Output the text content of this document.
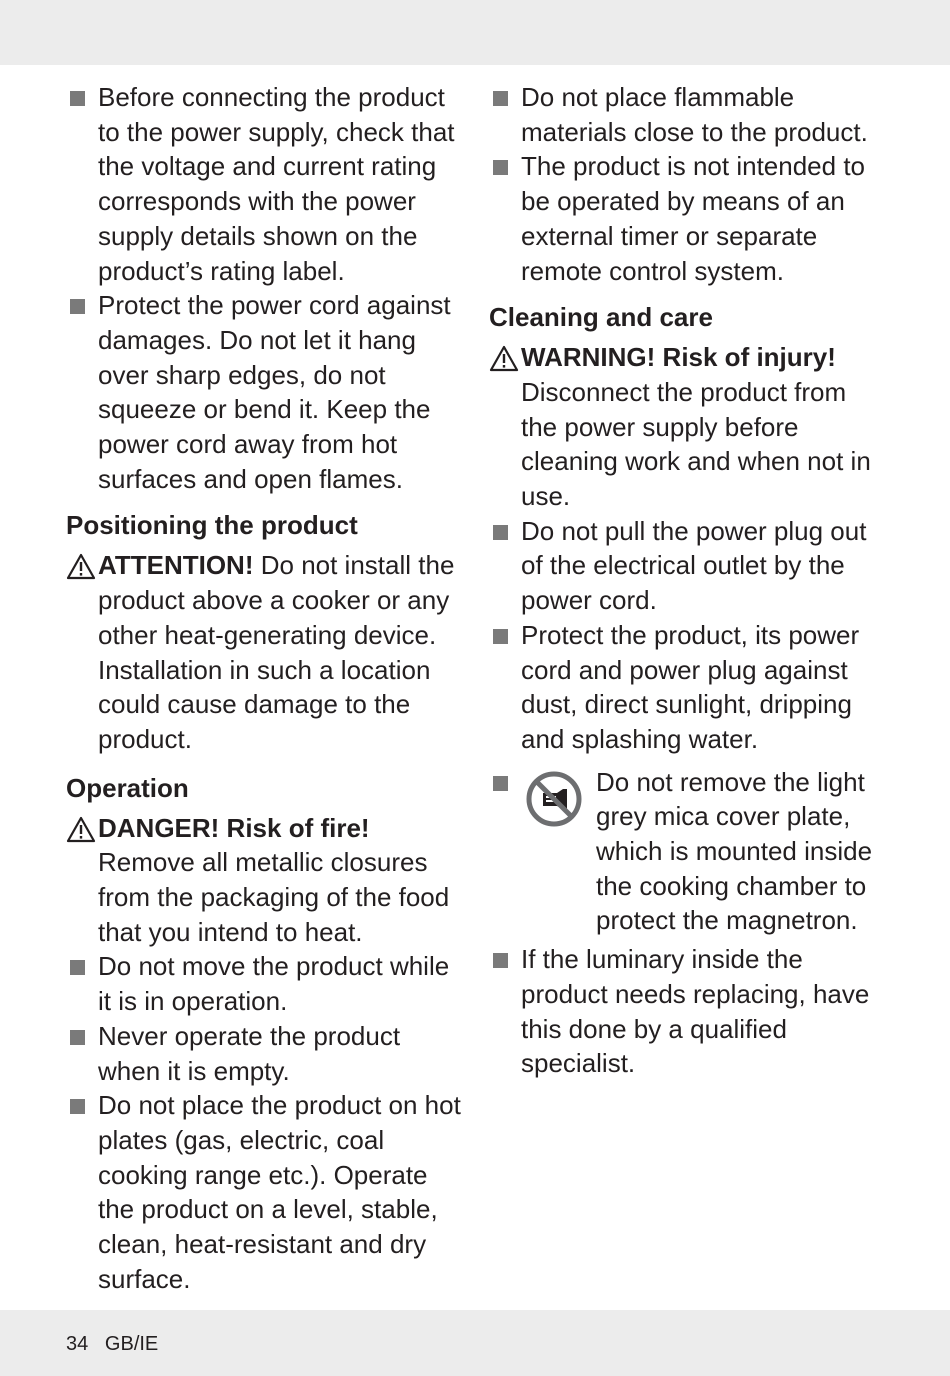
Before connecting the product to the power supply, check that the voltage and current rating corresponds with the power supply details shown on the product’s rating label.
Protect the power cord against damages. Do not let it hang over sharp edges, do not squeeze or bend it. Keep the power cord away from hot surfaces and open flames.
Positioning the product
ATTENTION! Do not install the product above a cooker or any other heat-generating device. Installation in such a location could cause damage to the product.
Operation
DANGER! Risk of fire!
Remove all metallic closures from the packaging of the food that you intend to heat.
Do not move the product while it is in operation.
Never operate the product when it is empty.
Do not place the product on hot plates (gas, electric, coal cooking range etc.). Operate the product on a level, stable, clean, heat-resistant and dry surface.
Do not place flammable materials close to the product.
The product is not intended to be operated by means of an external timer or separate remote control system.
Cleaning and care
WARNING! Risk of injury! Disconnect the product from the power supply before cleaning work and when not in use.
Do not pull the power plug out of the electrical outlet by the power cord.
Protect the product, its power cord and power plug against dust, direct sunlight, dripping and splashing water.
Do not remove the light grey mica cover plate, which is mounted inside the cooking chamber to protect the magnetron.
If the luminary inside the product needs replacing, have this done by a qualified specialist.
34 GB/IE
